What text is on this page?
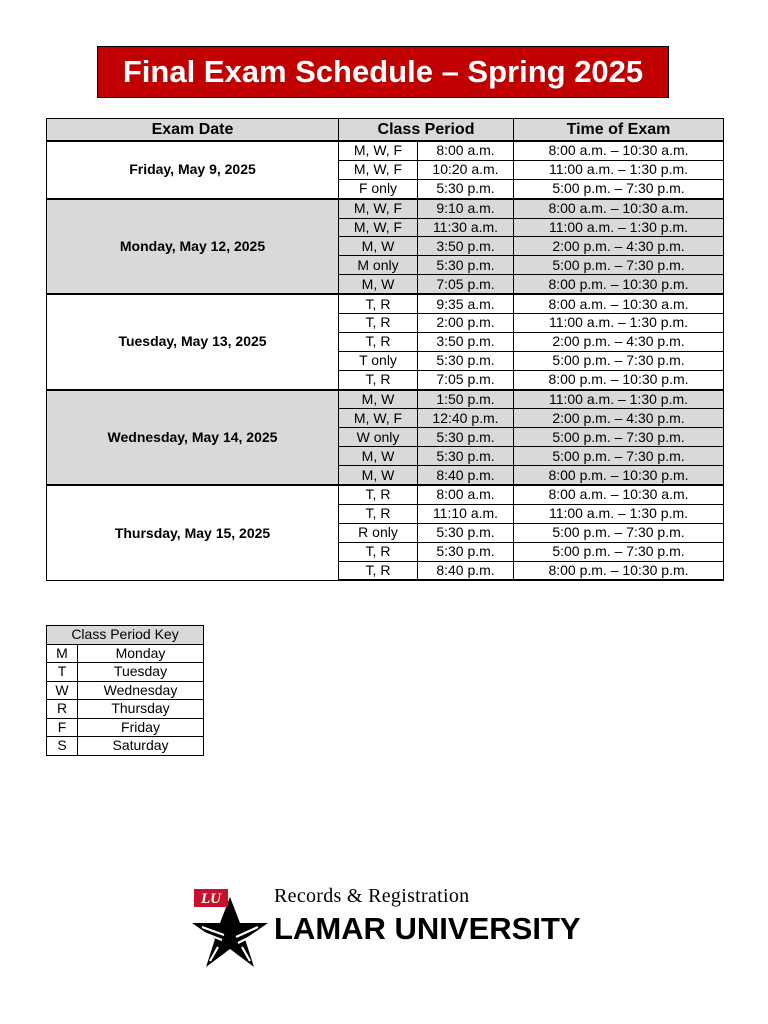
Final Exam Schedule – Spring 2025
Exam Date	Class Period		Time of Exam
Friday, May 9, 2025	M, W, F	8:00 a.m.	8:00 a.m. – 10:30 a.m.
	M, W, F	10:20 a.m.	11:00 a.m. – 1:30 p.m.
	F only	5:30 p.m.	5:00 p.m. – 7:30 p.m.
Monday, May 12, 2025	M, W, F	9:10 a.m.	8:00 a.m. – 10:30 a.m.
	M, W, F	11:30 a.m.	11:00 a.m. – 1:30 p.m.
	M, W	3:50 p.m.	2:00 p.m. – 4:30 p.m.
	M only	5:30 p.m.	5:00 p.m. – 7:30 p.m.
	M, W	7:05 p.m.	8:00 p.m. – 10:30 p.m.
Tuesday, May 13, 2025	T, R	9:35 a.m.	8:00 a.m. – 10:30 a.m.
	T, R	2:00 p.m.	11:00 a.m. – 1:30 p.m.
	T, R	3:50 p.m.	2:00 p.m. – 4:30 p.m.
	T only	5:30 p.m.	5:00 p.m. – 7:30 p.m.
	T, R	7:05 p.m.	8:00 p.m. – 10:30 p.m.
Wednesday, May 14, 2025	M, W	1:50 p.m.	11:00 a.m. – 1:30 p.m.
	M, W, F	12:40 p.m.	2:00 p.m. – 4:30 p.m.
	W only	5:30 p.m.	5:00 p.m. – 7:30 p.m.
	M, W	5:30 p.m.	5:00 p.m. – 7:30 p.m.
	M, W	8:40 p.m.	8:00 p.m. – 10:30 p.m.
Thursday, May 15, 2025	T, R	8:00 a.m.	8:00 a.m. – 10:30 a.m.
	T, R	11:10 a.m.	11:00 a.m. – 1:30 p.m.
	R only	5:30 p.m.	5:00 p.m. – 7:30 p.m.
	T, R	5:30 p.m.	5:00 p.m. – 7:30 p.m.
	T, R	8:40 p.m.	8:00 p.m. – 10:30 p.m.
Class Period Key	
M	Monday
T	Tuesday
W	Wednesday
R	Thursday
F	Friday
S	Saturday
LU	Records & Registration
LAMAR UNIVERSITY
